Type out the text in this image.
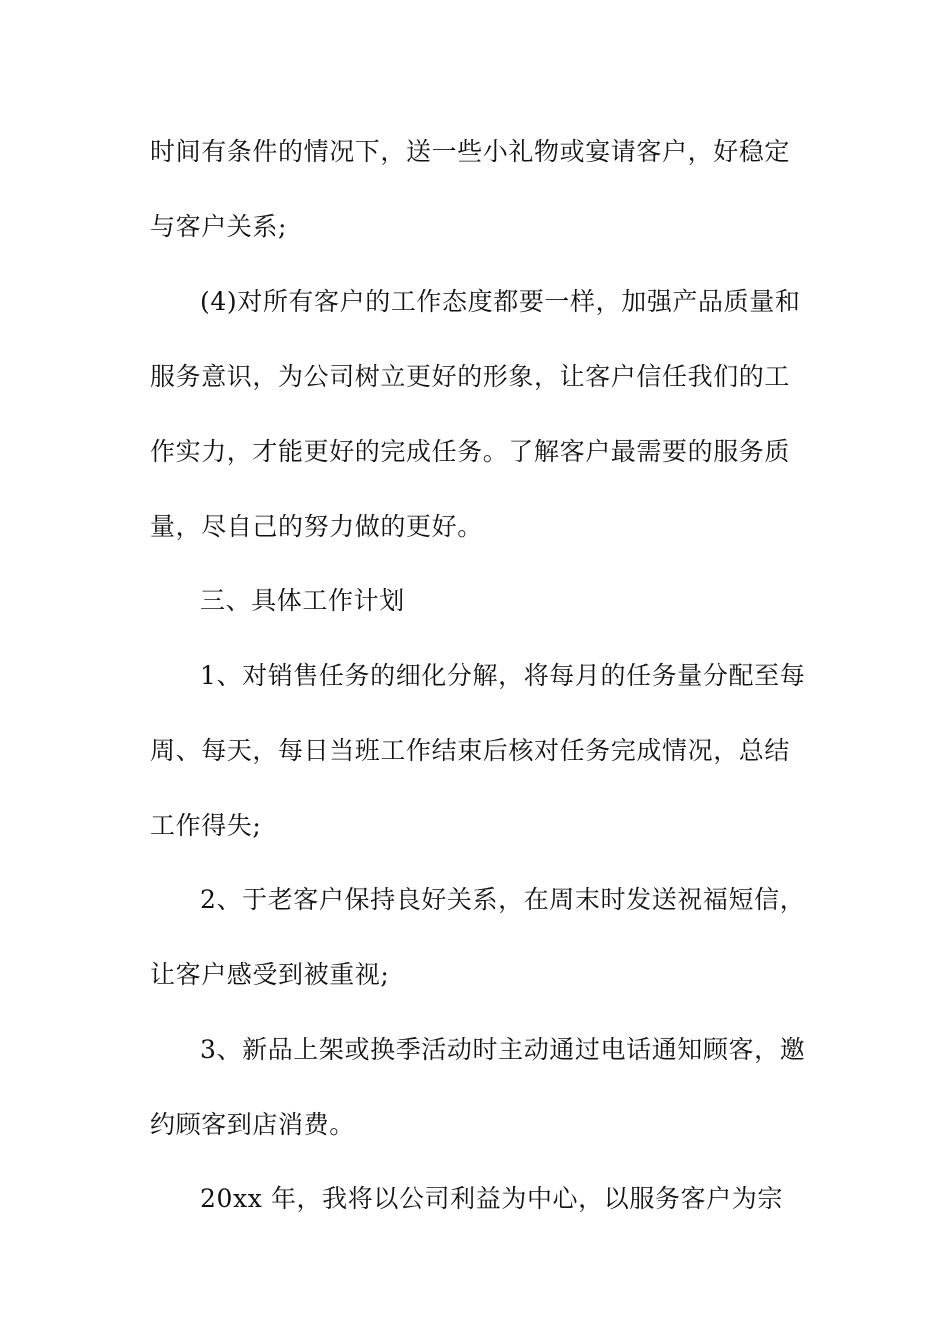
时间有条件的情况下，送一些小礼物或宴请客户，好稳定
与客户关系;
(4)对所有客户的工作态度都要一样，加强产品质量和
服务意识，为公司树立更好的形象，让客户信任我们的工
作实力，才能更好的完成任务。了解客户最需要的服务质
量，尽自己的努力做的更好。
三、具体工作计划
1、对销售任务的细化分解，将每月的任务量分配至每
周、每天，每日当班工作结束后核对任务完成情况，总结
工作得失;
2、于老客户保持良好关系，在周末时发送祝福短信，
让客户感受到被重视;
3、新品上架或换季活动时主动通过电话通知顾客，邀
约顾客到店消费。
20xx 年，我将以公司利益为中心，以服务客户为宗
